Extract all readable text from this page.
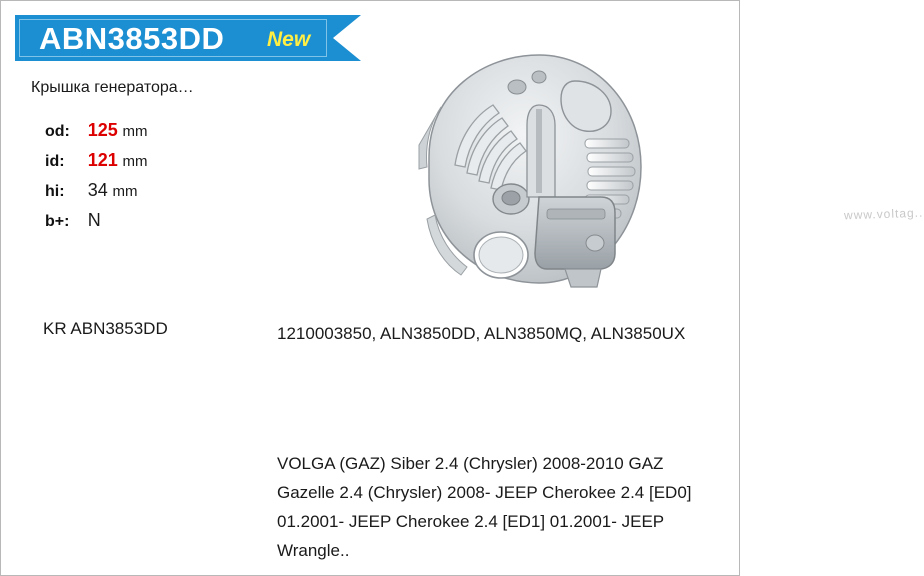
ABN3853DD New
Крышка генератора…
od: 125 mm
id: 121 mm
hi: 34 mm
b+: N	www.voltag..
KR ABN3853DD	1210003850, ALN3850DD, ALN3850MQ, ALN3850UX
VOLGA (GAZ) Siber 2.4 (Chrysler) 2008-2010 GAZ Gazelle 2.4 (Chrysler) 2008- JEEP Cherokee 2.4 [ED0] 01.2001- JEEP Cherokee 2.4 [ED1] 01.2001- JEEP Wrangle..
